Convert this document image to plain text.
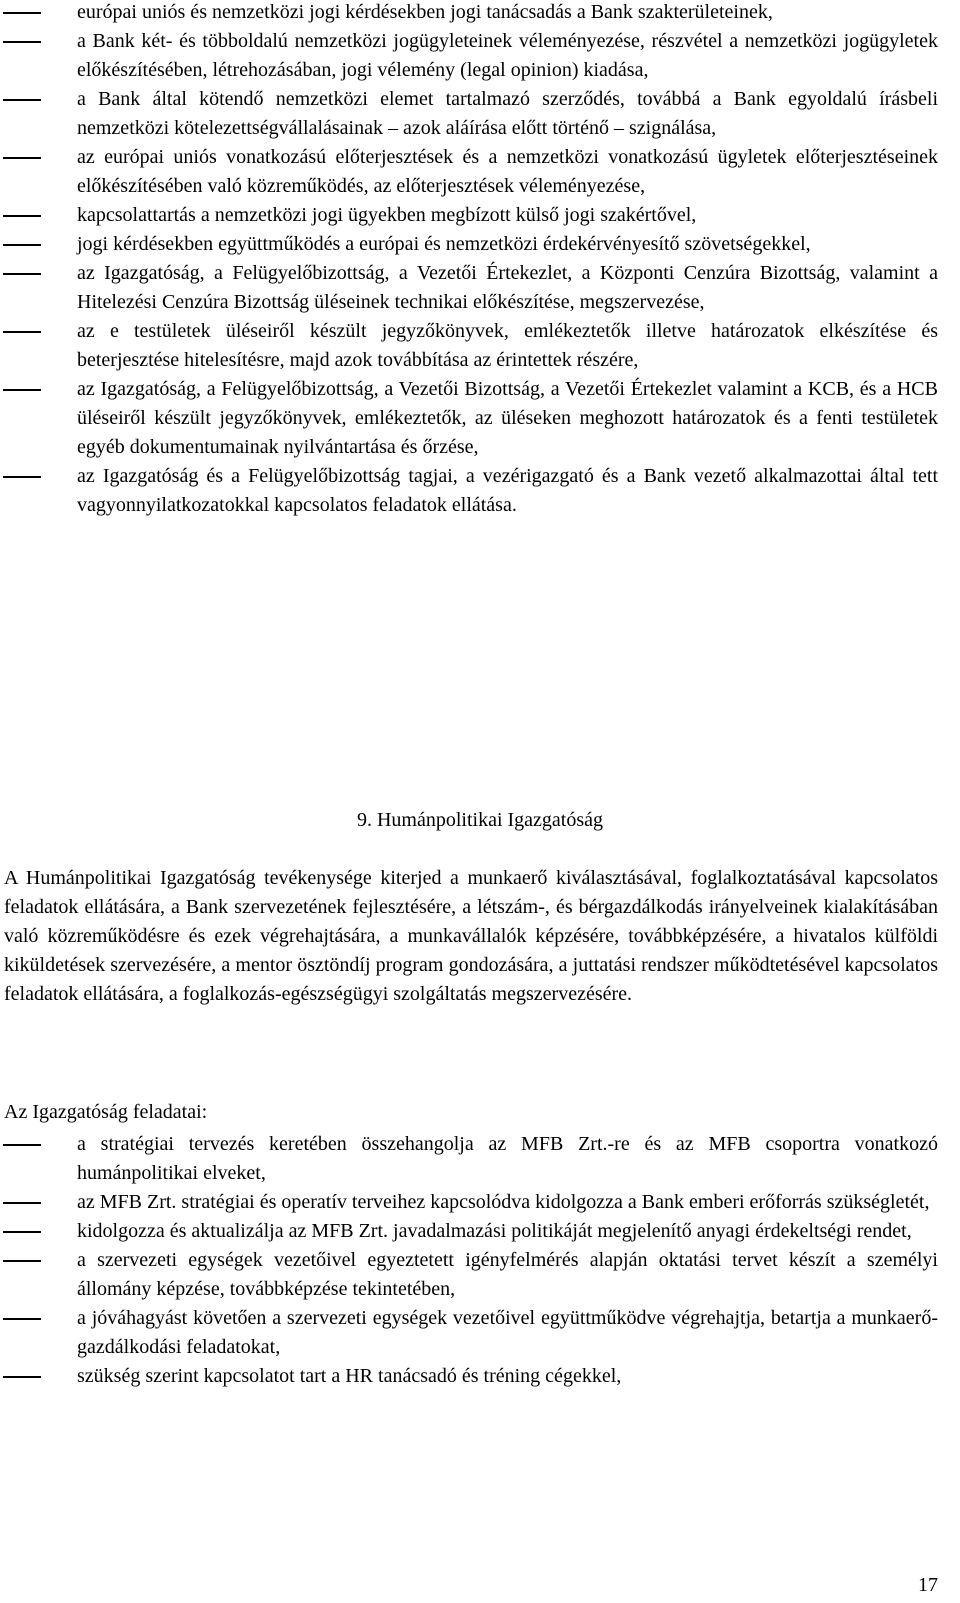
európai uniós és nemzetközi jogi kérdésekben jogi tanácsadás a Bank szakterületeinek,
a Bank két- és többoldalú nemzetközi jogügyleteinek véleményezése, részvétel a nemzetközi jogügyletek előkészítésében, létrehozásában, jogi vélemény (legal opinion) kiadása,
a Bank által kötendő nemzetközi elemet tartalmazó szerződés, továbbá a Bank egyoldalú írásbeli nemzetközi kötelezettségvállalásainak – azok aláírása előtt történő – szignálása,
az európai uniós vonatkozású előterjesztések és a nemzetközi vonatkozású ügyletek előterjesztéseinek előkészítésében való közreműködés, az előterjesztések véleményezése,
kapcsolattartás a nemzetközi jogi ügyekben megbízott külső jogi szakértővel,
jogi kérdésekben együttműködés a európai és nemzetközi érdekérvényesítő szövetségekkel,
az Igazgatóság, a Felügyelőbizottság, a Vezetői Értekezlet, a Központi Cenzúra Bizottság, valamint a Hitelezési Cenzúra Bizottság üléseinek technikai előkészítése, megszervezése,
az e testületek üléseiről készült jegyzőkönyvek, emlékeztetők illetve határozatok elkészítése és beterjesztése hitelesítésre, majd azok továbbítása az érintettek részére,
az Igazgatóság, a Felügyelőbizottság, a Vezetői Bizottság, a Vezetői Értekezlet valamint a KCB, és a HCB üléseiről készült jegyzőkönyvek, emlékeztetők, az üléseken meghozott határozatok és a fenti testületek egyéb dokumentumainak nyilvántartása és őrzése,
az Igazgatóság és a Felügyelőbizottság tagjai, a vezérigazgató és a Bank vezető alkalmazottai által tett vagyonnyilatkozatokkal kapcsolatos feladatok ellátása.
9. Humánpolitikai Igazgatóság

A Humánpolitikai Igazgatóság tevékenysége kiterjed a munkaerő kiválasztásával, foglalkoztatásával kapcsolatos feladatok ellátására, a Bank szervezetének fejlesztésére, a létszám-, és bérgazdálkodás irányelveinek kialakításában való közreműködésre és ezek végrehajtására, a munkavállalók képzésére, továbbképzésére, a hivatalos külföldi kiküldetések szervezésére, a mentor ösztöndíj program gondozására, a juttatási rendszer működtetésével kapcsolatos feladatok ellátására, a foglalkozás-egészségügyi szolgáltatás megszervezésére.

Az Igazgatóság feladatai:

a stratégiai tervezés keretében összehangolja az MFB Zrt.-re és az MFB csoportra vonatkozó humánpolitikai elveket,
az MFB Zrt. stratégiai és operatív terveihez kapcsolódva kidolgozza a Bank emberi erőforrás szükségletét,
kidolgozza és aktualizálja az MFB Zrt. javadalmazási politikáját megjelenítő anyagi érdekeltségi rendet,
a szervezeti egységek vezetőivel egyeztetett igényfelmérés alapján oktatási tervet készít a személyi állomány képzése, továbbképzése tekintetében,
a jóváhagyást követően a szervezeti egységek vezetőivel együttműködve végrehajtja, betartja a munkaerő-gazdálkodási feladatokat,
szükség szerint kapcsolatot tart a HR tanácsadó és tréning cégekkel,
17
